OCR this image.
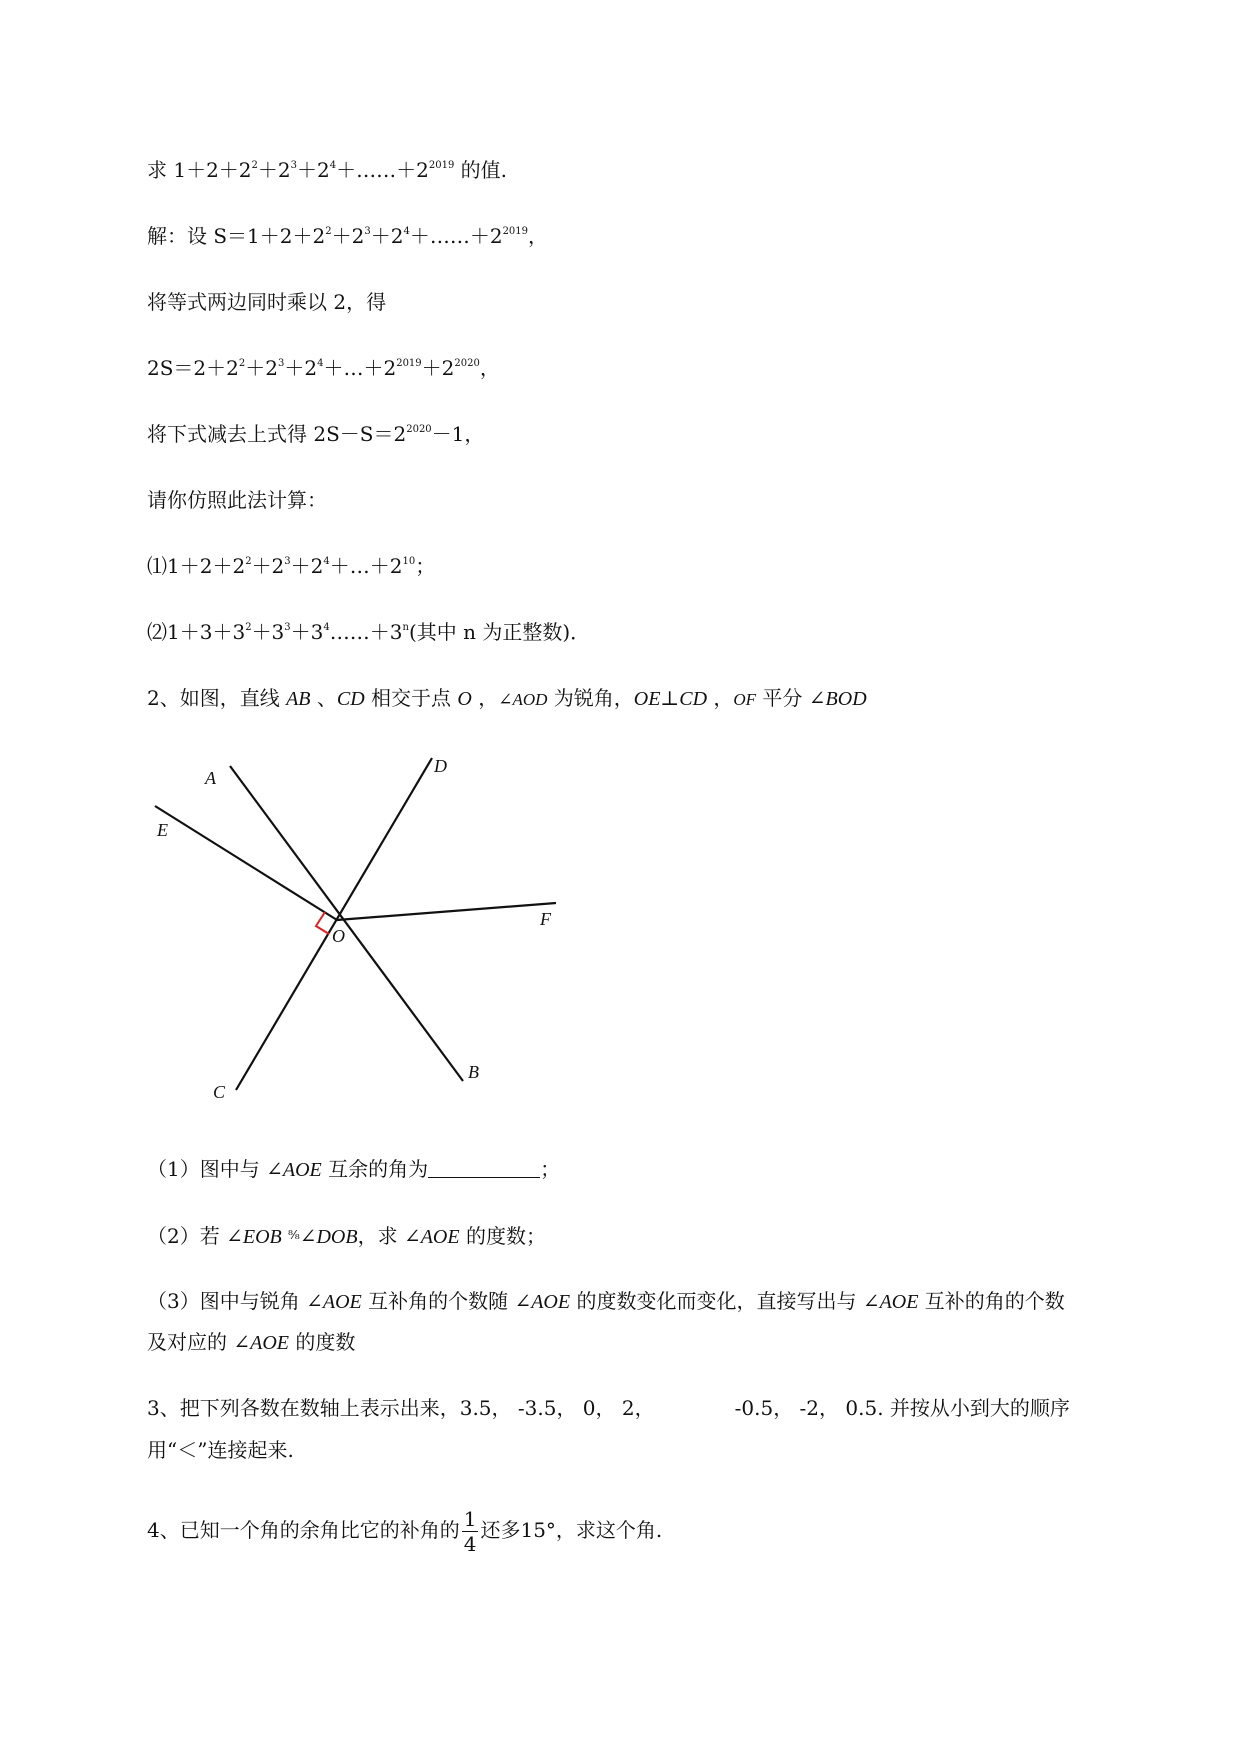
求 $1+2+2^2+2^3+2^4+\dots\dots+2^{2019}$ 的值.
解：设 $S=1+2+2^2+2^3+2^4+\dots\dots+2^{2019}$，
将等式两边同时乘以 2，得
$2S=2+2^2+2^3+2^4+\dots+2^{2019}+2^{2020}$，
将下式减去上式得 $2S-S=2^{2020}-1$，
请你仿照此法计算：
$⑴1+2+2^2+2^3+2^4+\dots+2^{10}$；
$⑵1+3+3^2+3^3+3^4\dots\dots+3^n$(其中 n 为正整数)．
2、如图，直线 AB 、CD 相交于点 O ，∠AOD 为锐角，OE⊥CD ，OF 平分 ∠BOD
A
D
E
F
O
C
B
（1）图中与 ∠AOE 互余的角为	；
（2）若 ∠EOB $^{^8⁄_8}$∠DOB，求 ∠AOE 的度数；
（3）图中与锐角 ∠AOE 互补角的个数随 ∠AOE 的度数变化而变化，直接写出与 ∠AOE 互补的角的个数
及对应的 ∠AOE 的度数
3、把下列各数在数轴上表示出来，3.5， -3.5， 0， 2，	-0.5， -2， 0.5. 并按从小到大的顺序
用“＜”连接起来.
4、已知一个角的余角比它的补角的 $\frac{1}{4}$ 还多15°，求这个角.
